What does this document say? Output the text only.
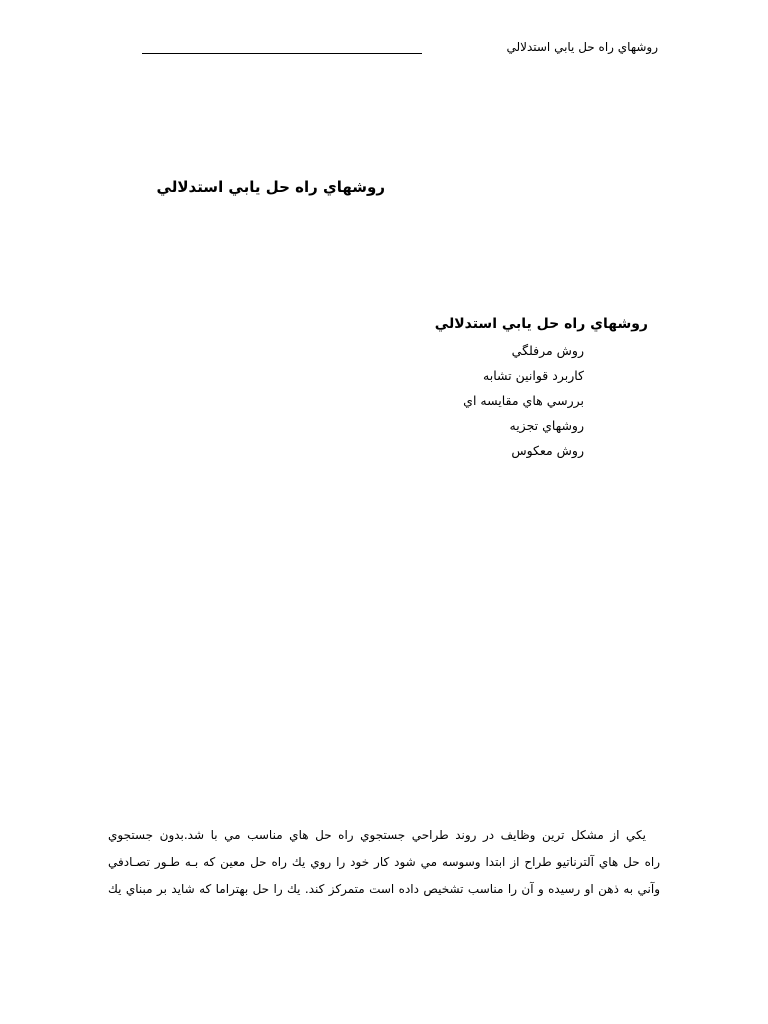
روشهاي راه حل يابي استدلالي
روشهاي راه حل يابي استدلالي
روشهاي راه حل يابي استدلالي
روش مرفلگي
كاربرد قوانين تشابه
بررسي هاي مقايسه اي
روشهاي تجزيه
روش معكوس
يكي از مشكل ترين وظايف در روند طراحي جستجوي راه حل هاي مناسب مي با شد.بدون جستجوي
راه حل هاي آلترناتيو طراح از ابتدا وسوسه مي شود كار خود را روي يك راه حل معين كه بـه طـور تصـادفي
وآني به ذهن او رسيده و آن را مناسب تشخيص داده است متمركز كند. يك را حل بهتراما كه شايد بر مبناي يك
